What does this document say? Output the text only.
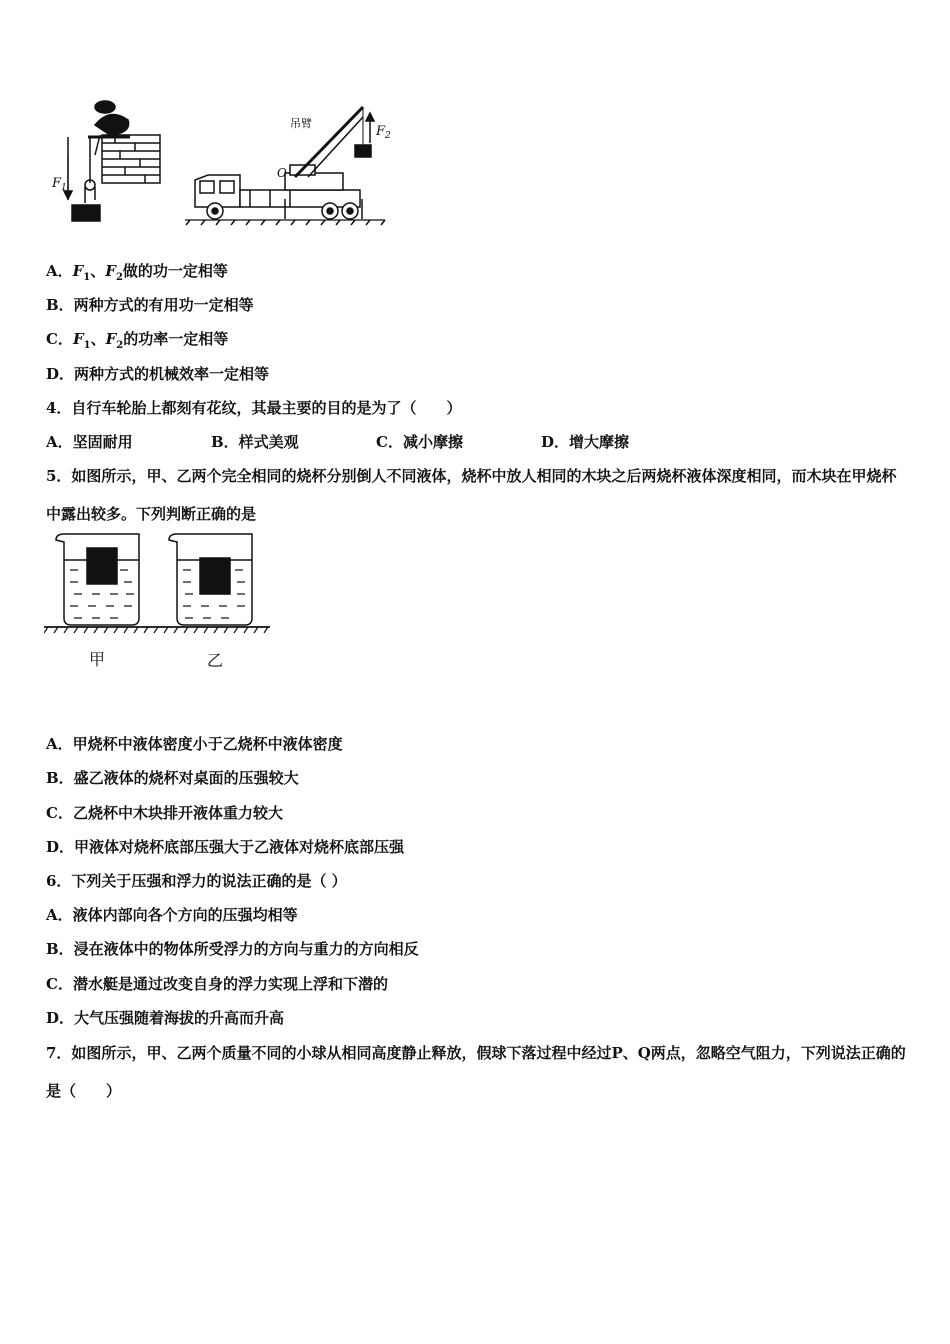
$F_1$
吊臂
O
$F_2$
A．$F_1$、$F_2$做的功一定相等
B．两种方式的有用功一定相等
C．$F_1$、$F_2$的功率一定相等
D．两种方式的机械效率一定相等
4．自行车轮胎上都刻有花纹，其最主要的目的是为了（　　）
A．坚固耐用	B．样式美观	C．减小摩擦	D．增大摩擦
5．如图所示，甲、乙两个完全相同的烧杯分别倒人不同液体，烧杯中放人相同的木块之后两烧杯液体深度相同，而木块在甲烧杯中露出较多。下列判断正确的是
甲	乙
A．甲烧杯中液体密度小于乙烧杯中液体密度
B．盛乙液体的烧杯对桌面的压强较大
C．乙烧杯中木块排开液体重力较大
D．甲液体对烧杯底部压强大于乙液体对烧杯底部压强
6．下列关于压强和浮力的说法正确的是（ ）
A．液体内部向各个方向的压强均相等
B．浸在液体中的物体所受浮力的方向与重力的方向相反
C．潜水艇是通过改变自身的浮力实现上浮和下潜的
D．大气压强随着海拔的升高而升高
7．如图所示，甲、乙两个质量不同的小球从相同高度静止释放，假球下落过程中经过P、Q两点，忽略空气阻力，下列说法正确的是（　　）
